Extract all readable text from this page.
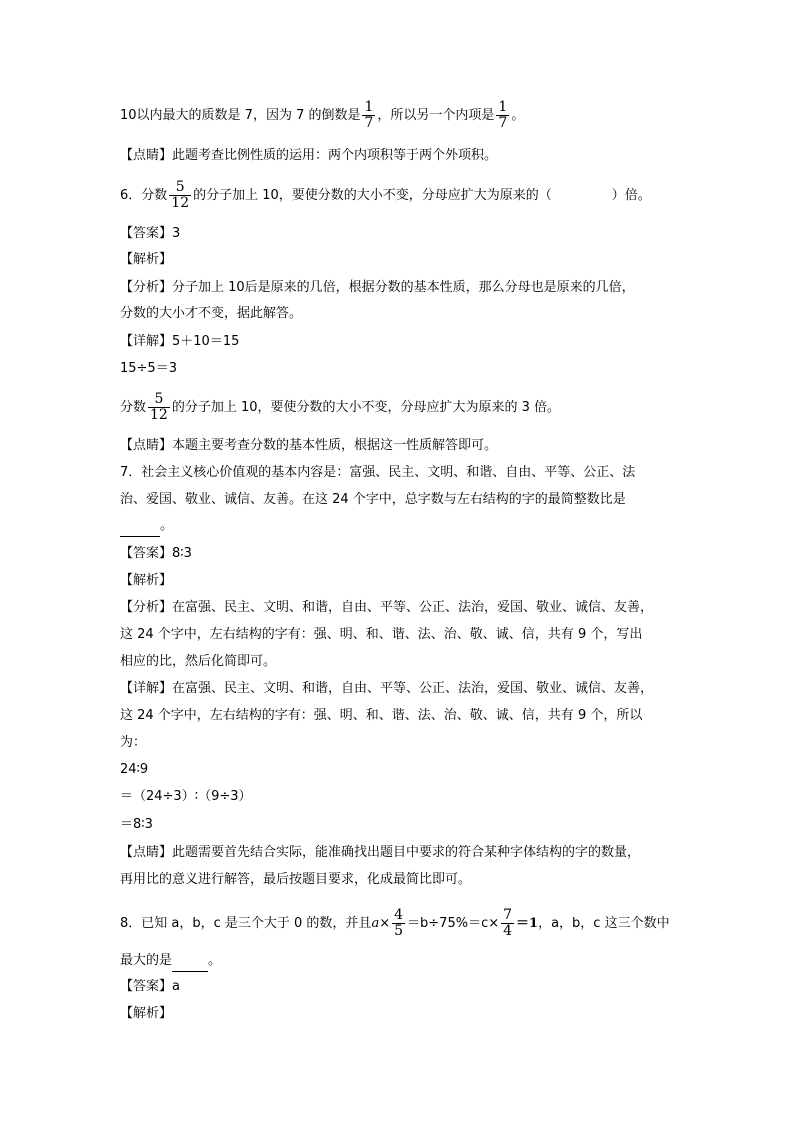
10以内最大的质数是 7，因为 7 的倒数是 $\frac{1}{7}$ ，所以另一个内项是 $\frac{1}{7}$ 。
【点睛】此题考查比例性质的运用：两个内项积等于两个外项积。
6．分数 $\frac{5}{12}$ 的分子加上 10，要使分数的大小不变，分母应扩大为原来的（	）倍。
【答案】3
【解析】
【分析】分子加上 10后是原来的几倍，根据分数的基本性质，那么分母也是原来的几倍，
分数的大小才不变，据此解答。
【详解】5＋10＝15
15÷5＝3
分数 $\frac{5}{12}$ 的分子加上 10，要使分数的大小不变，分母应扩大为原来的 3 倍。
【点睛】本题主要考查分数的基本性质，根据这一性质解答即可。
7．社会主义核心价值观的基本内容是：富强、民主、文明、和谐、自由、平等、公正、法
治、爱国、敬业、诚信、友善。在这 24 个字中，总字数与左右结构的字的最简整数比是
。
【答案】8∶3
【解析】
【分析】在富强、民主、文明、和谐，自由、平等、公正、法治，爱国、敬业、诚信、友善，
这 24 个字中，左右结构的字有：强、明、和、谐、法、治、敬、诚、信，共有 9 个，写出
相应的比，然后化简即可。
【详解】在富强、民主、文明、和谐，自由、平等、公正、法治，爱国、敬业、诚信、友善，
这 24 个字中，左右结构的字有：强、明、和、谐、法、治、敬、诚、信，共有 9 个，所以
为：
24∶9
＝（24÷3）∶（9÷3）
＝8∶3
【点睛】此题需要首先结合实际，能准确找出题目中要求的符合某种字体结构的字的数量，
再用比的意义进行解答，最后按题目要求，化成最简比即可。
8．已知 a，b，c 是三个大于 0 的数，并且$a\times \frac{4}{5} =b\div 75\%=c\times \frac{7}{4} =1$，a，b，c 这三个数中
最大的是	。
【答案】a
【解析】
